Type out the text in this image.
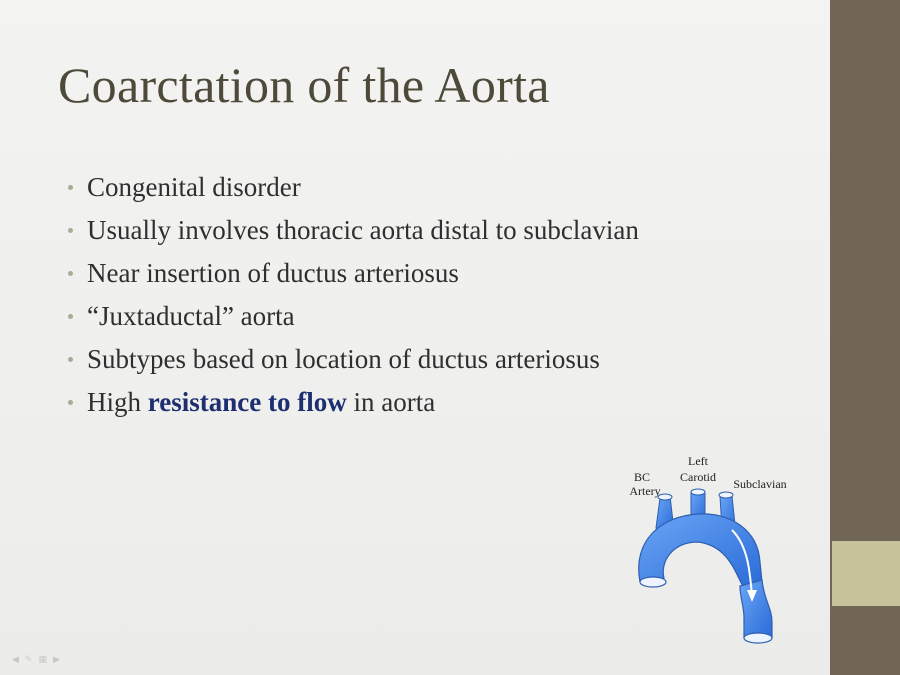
Coarctation of the Aorta
Congenital disorder
Usually involves thoracic aorta distal to subclavian
Near insertion of ductus arteriosus
“Juxtaductal” aorta
Subtypes based on location of ductus arteriosus
High resistance to flow in aorta
BC
Artery
Left
Carotid Subclavian
◀ ✎ ▦ ▶
